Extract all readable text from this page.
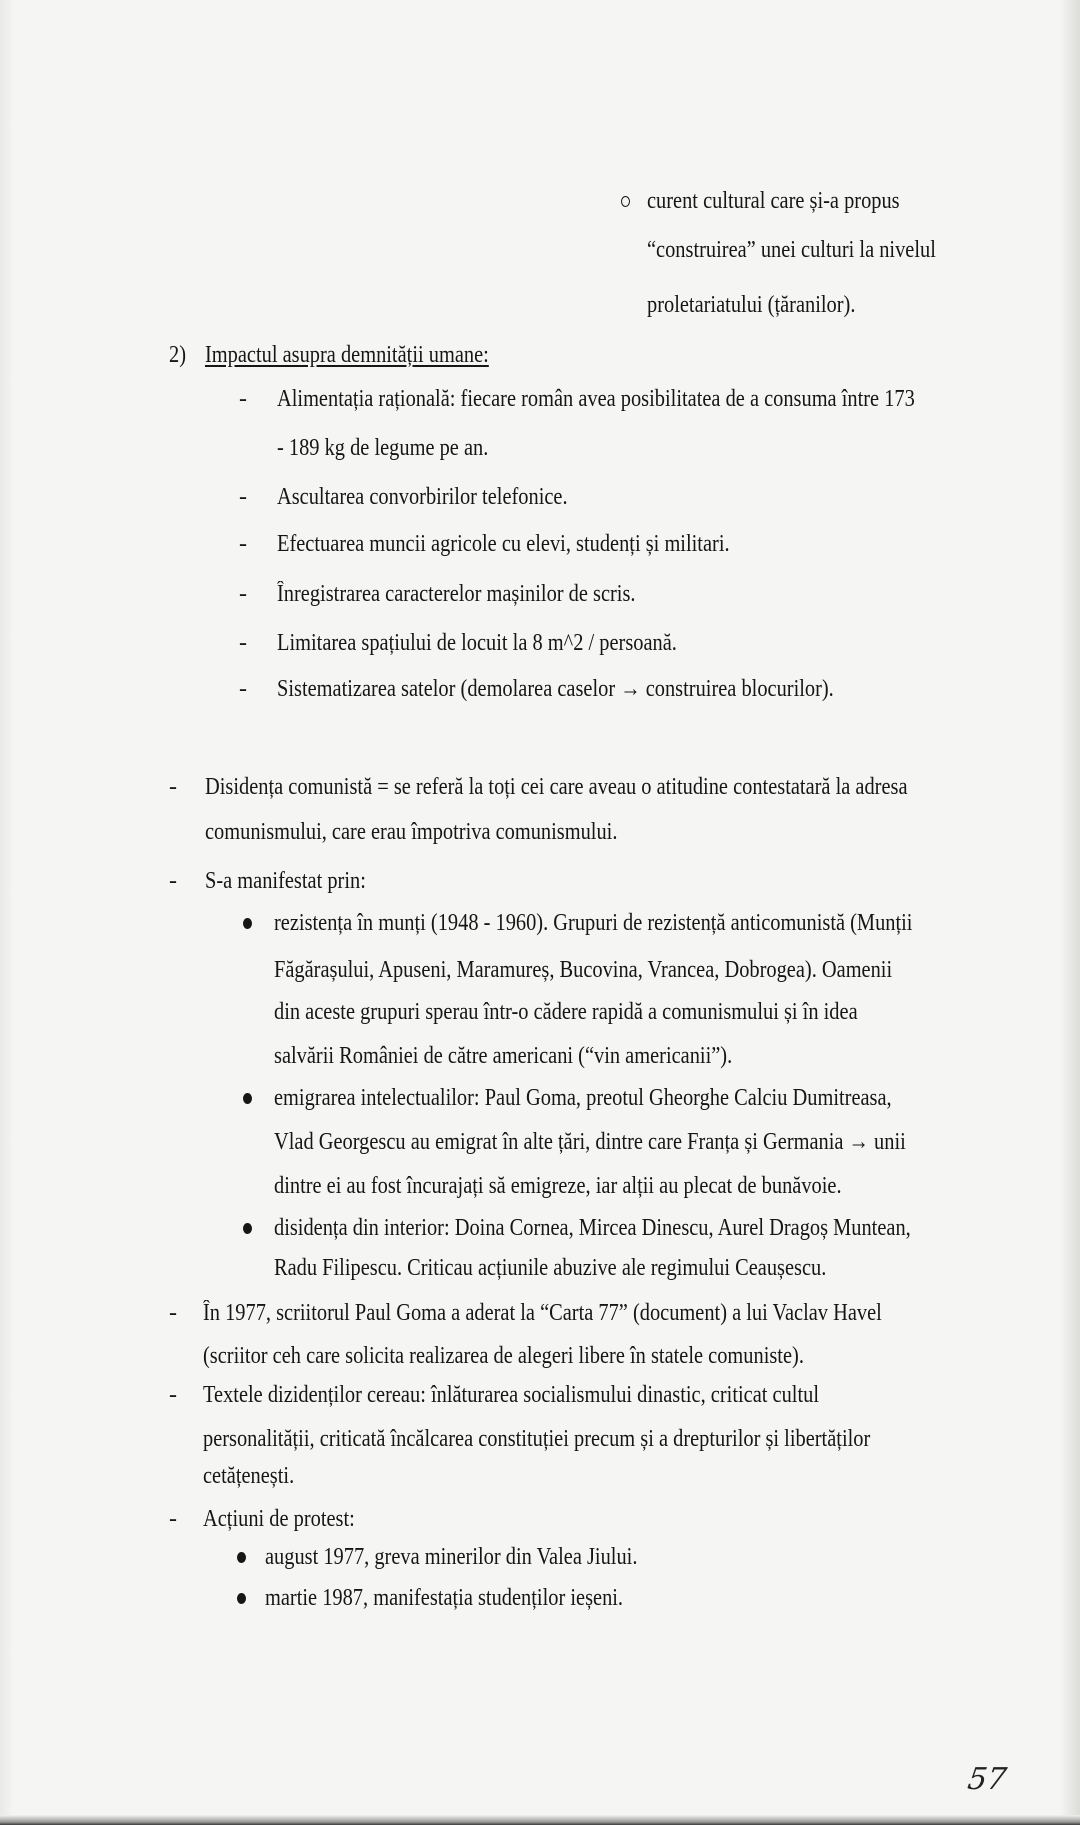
curent cultural care și-a propus
“construirea” unei culturi la nivelul
proletariatului (țăranilor).
2) Impactul asupra demnității umane:
- Alimentația rațională: fiecare român avea posibilitatea de a consuma între 173
- 189 kg de legume pe an.
- Ascultarea convorbirilor telefonice.
- Efectuarea muncii agricole cu elevi, studenți și militari.
- Înregistrarea caracterelor mașinilor de scris.
- Limitarea spațiului de locuit la 8 m^2 / persoană.
- Sistematizarea satelor (demolarea caselor → construirea blocurilor).
- Disidența comunistă = se referă la toți cei care aveau o atitudine contestatară la adresa
comunismului, care erau împotriva comunismului.
- S-a manifestat prin:
rezistența în munți (1948 - 1960). Grupuri de rezistență anticomunistă (Munții
Făgărașului, Apuseni, Maramureș, Bucovina, Vrancea, Dobrogea). Oamenii
din aceste grupuri sperau într-o cădere rapidă a comunismului și în idea
salvării României de către americani (“vin americanii”).
emigrarea intelectualilor: Paul Goma, preotul Gheorghe Calciu Dumitreasa,
Vlad Georgescu au emigrat în alte țări, dintre care Franța și Germania → unii
dintre ei au fost încurajați să emigreze, iar alții au plecat de bunăvoie.
disidența din interior: Doina Cornea, Mircea Dinescu, Aurel Dragoș Muntean,
Radu Filipescu. Criticau acțiunile abuzive ale regimului Ceaușescu.
- În 1977, scriitorul Paul Goma a aderat la “Carta 77” (document) a lui Vaclav Havel
(scriitor ceh care solicita realizarea de alegeri libere în statele comuniste).
- Textele dizidenților cereau: înlăturarea socialismului dinastic, criticat cultul
personalității, criticată încălcarea constituției precum și a drepturilor și libertăților
cetățenești.
- Acțiuni de protest:
august 1977, greva minerilor din Valea Jiului.
martie 1987, manifestația studenților ieșeni.
57
